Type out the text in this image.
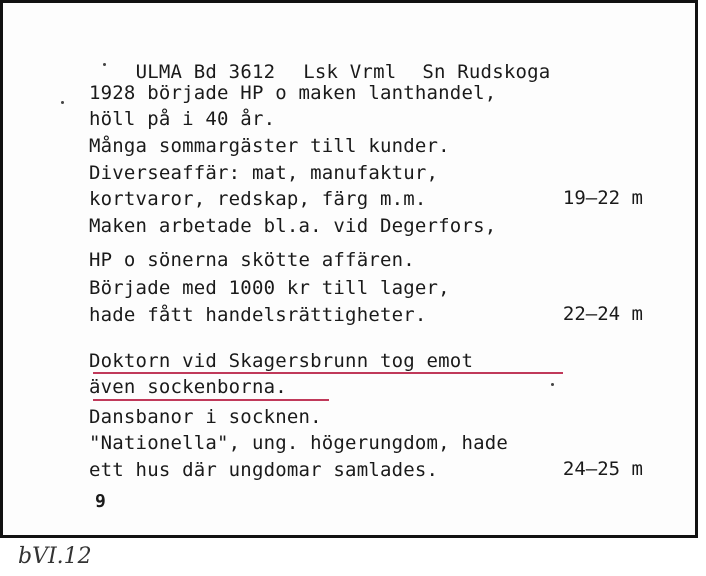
ULMA Bd 3612 Lsk Vrml Sn Rudskoga

1928 började HP o maken lanthandel,
höll på i 40 år.
Många sommargäster till kunder.
Diverseaffär: mat, manufaktur,
kortvaror, redskap, färg m.m.	19–22 m
Maken arbetade bl.a. vid Degerfors,
HP o sönerna skötte affären.
Började med 1000 kr till lager,
hade fått handelsrättigheter.	22–24 m
Doktorn vid Skagersbrunn tog emot
även sockenborna.
Dansbanor i socknen.
"Nationella", ung. högerungdom, hade
ett hus där ungdomar samlades.	24–25 m
9
bVI.12
